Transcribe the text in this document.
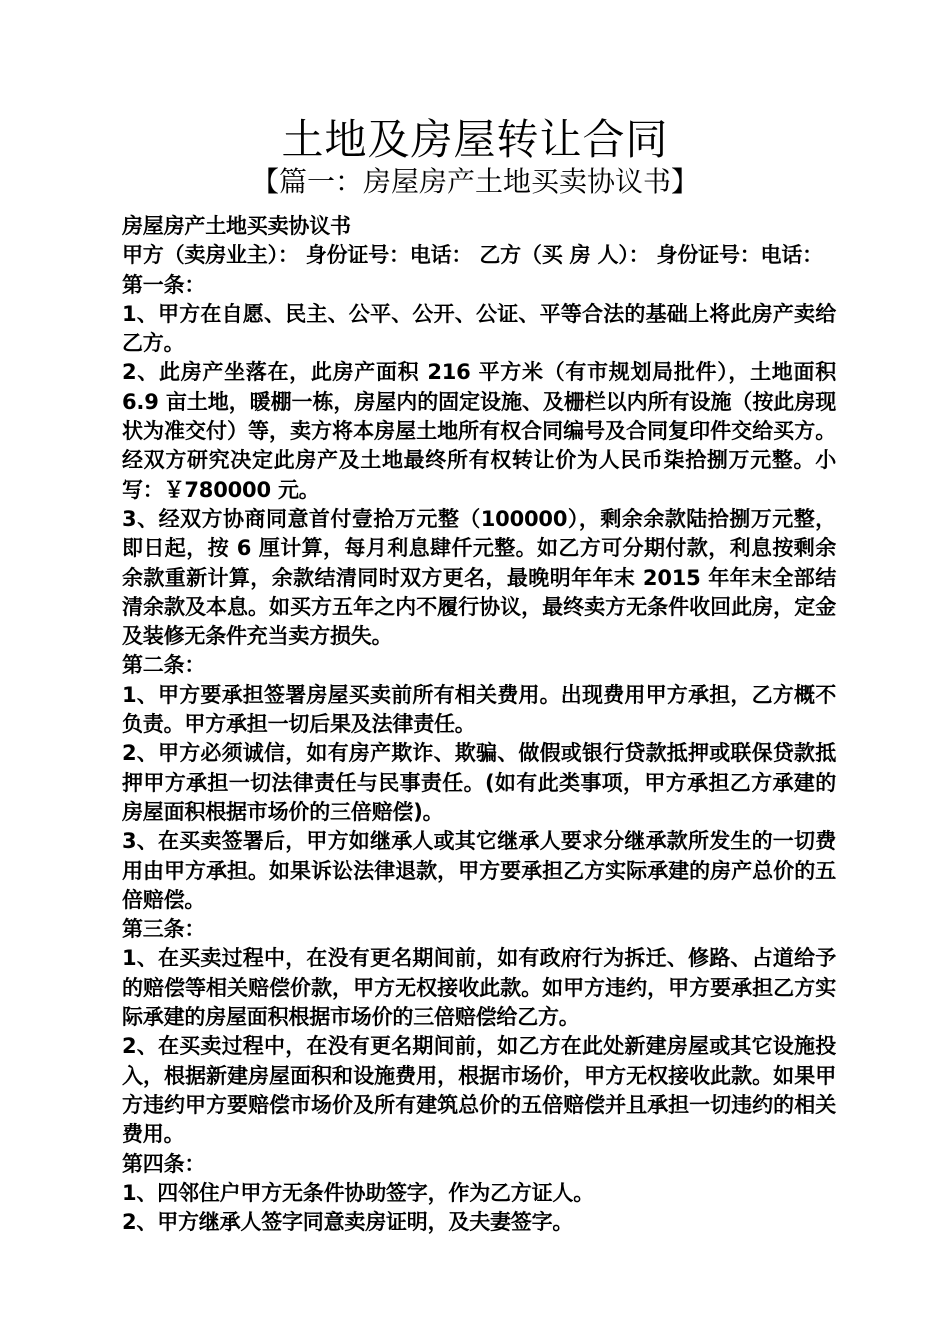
土地及房屋转让合同
【篇一：房屋房产土地买卖协议书】

房屋房产土地买卖协议书

甲方（卖房业主）： 身份证号：电话： 乙方（买 房 人）： 身份证号：电话：

第一条：

1、甲方在自愿、民主、公平、公开、公证、平等合法的基础上将此房产卖给乙方。

2、此房产坐落在，此房产面积 216 平方米（有市规划局批件），土地面积 6.9 亩土地，暖棚一栋，房屋内的固定设施、及栅栏以内所有设施（按此房现状为准交付）等，卖方将本房屋土地所有权合同编号及合同复印件交给买方。经双方研究决定此房产及土地最终所有权转让价为人民币柒拾捌万元整。小写：￥780000 元。

3、经双方协商同意首付壹拾万元整（100000），剩余余款陆拾捌万元整，即日起，按 6 厘计算，每月利息肆仟元整。如乙方可分期付款，利息按剩余余款重新计算，余款结清同时双方更名，最晚明年年末 2015 年年末全部结清余款及本息。如买方五年之内不履行协议，最终卖方无条件收回此房，定金及装修无条件充当卖方损失。

第二条：

1、甲方要承担签署房屋买卖前所有相关费用。出现费用甲方承担，乙方概不负责。甲方承担一切后果及法律责任。

2、甲方必须诚信，如有房产欺诈、欺骗、做假或银行贷款抵押或联保贷款抵押甲方承担一切法律责任与民事责任。(如有此类事项，甲方承担乙方承建的房屋面积根据市场价的三倍赔偿)。

3、在买卖签署后，甲方如继承人或其它继承人要求分继承款所发生的一切费用由甲方承担。如果诉讼法律退款，甲方要承担乙方实际承建的房产总价的五倍赔偿。

第三条：

1、在买卖过程中，在没有更名期间前，如有政府行为拆迁、修路、占道给予的赔偿等相关赔偿价款，甲方无权接收此款。如甲方违约，甲方要承担乙方实际承建的房屋面积根据市场价的三倍赔偿给乙方。

2、在买卖过程中，在没有更名期间前，如乙方在此处新建房屋或其它设施投入，根据新建房屋面积和设施费用，根据市场价，甲方无权接收此款。如果甲方违约甲方要赔偿市场价及所有建筑总价的五倍赔偿并且承担一切违约的相关费用。

第四条：

1、四邻住户甲方无条件协助签字，作为乙方证人。

2、甲方继承人签字同意卖房证明，及夫妻签字。
